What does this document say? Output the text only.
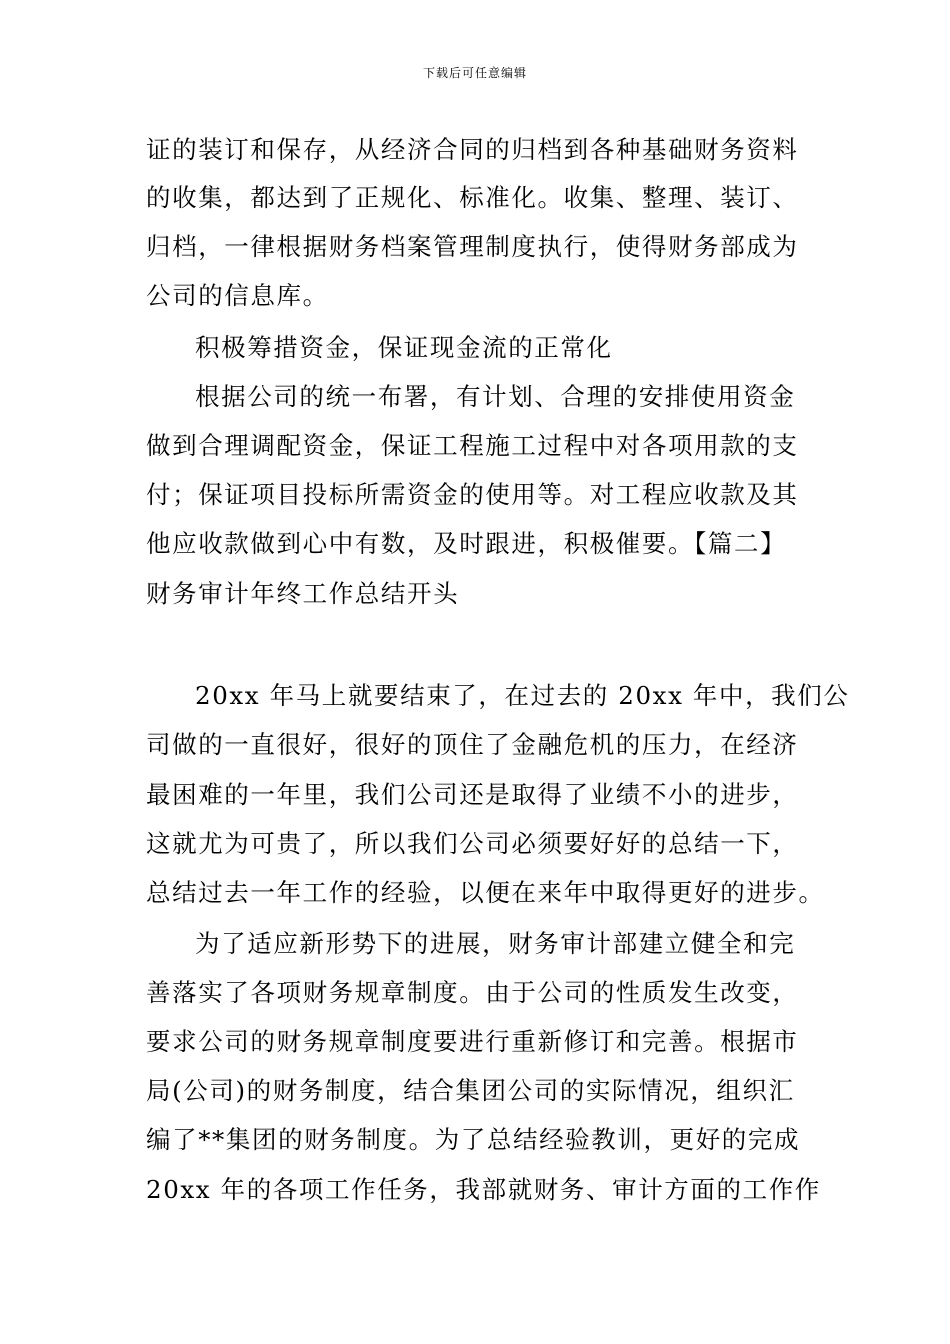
下载后可任意编辑
证的装订和保存，从经济合同的归档到各种基础财务资料
的收集，都达到了正规化、标准化。收集、整理、装订、
归档，一律根据财务档案管理制度执行，使得财务部成为
公司的信息库。
积极筹措资金，保证现金流的正常化
根据公司的统一布署，有计划、合理的安排使用资金
做到合理调配资金，保证工程施工过程中对各项用款的支
付；保证项目投标所需资金的使用等。对工程应收款及其
他应收款做到心中有数，及时跟进，积极催要。【篇二】
财务审计年终工作总结开头
20xx 年马上就要结束了，在过去的 20xx 年中，我们公
司做的一直很好，很好的顶住了金融危机的压力，在经济
最困难的一年里，我们公司还是取得了业绩不小的进步，
这就尤为可贵了，所以我们公司必须要好好的总结一下，
总结过去一年工作的经验，以便在来年中取得更好的进步。
为了适应新形势下的进展，财务审计部建立健全和完
善落实了各项财务规章制度。由于公司的性质发生改变，
要求公司的财务规章制度要进行重新修订和完善。根据市
局(公司)的财务制度，结合集团公司的实际情况，组织汇
编了**集团的财务制度。为了总结经验教训，更好的完成
20xx 年的各项工作任务，我部就财务、审计方面的工作作
